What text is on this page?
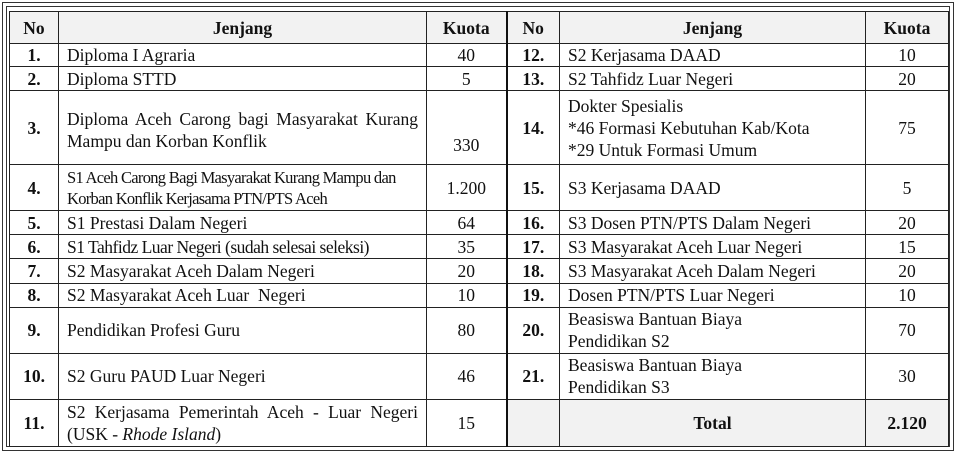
No	Jenjang	Kuota	No	Jenjang	Kuota
1.	Diploma I Agraria	40	12.	S2 Kerjasama DAAD	10
2.	Diploma STTD	5	13.	S2 Tahfidz Luar Negeri	20
3.	Diploma Aceh Carong bagi Masyarakat Kurang Mampu dan Korban Konflik	330	14.	Dokter Spesialis
*46 Formasi Kebutuhan Kab/Kota
*29 Untuk Formasi Umum	75
4.	S1 Aceh Carong Bagi Masyarakat Kurang Mampu dan Korban Konflik Kerjasama PTN/PTS Aceh	1.200	15.	S3 Kerjasama DAAD	5
5.	S1 Prestasi Dalam Negeri	64	16.	S3 Dosen PTN/PTS Dalam Negeri	20
6.	S1 Tahfidz Luar Negeri (sudah selesai seleksi)	35	17.	S3 Masyarakat Aceh Luar Negeri	15
7.	S2 Masyarakat Aceh Dalam Negeri	20	18.	S3 Masyarakat Aceh Dalam Negeri	20
8.	S2 Masyarakat Aceh Luar  Negeri	10	19.	Dosen PTN/PTS Luar Negeri	10
9.	Pendidikan Profesi Guru	80	20.	Beasiswa Bantuan Biaya
Pendidikan S2	70
10.	S2 Guru PAUD Luar Negeri	46	21.	Beasiswa Bantuan Biaya
Pendidikan S3	30
11.	S2 Kerjasama Pemerintah Aceh - Luar Negeri (USK - Rhode Island)	15		Total	2.120
